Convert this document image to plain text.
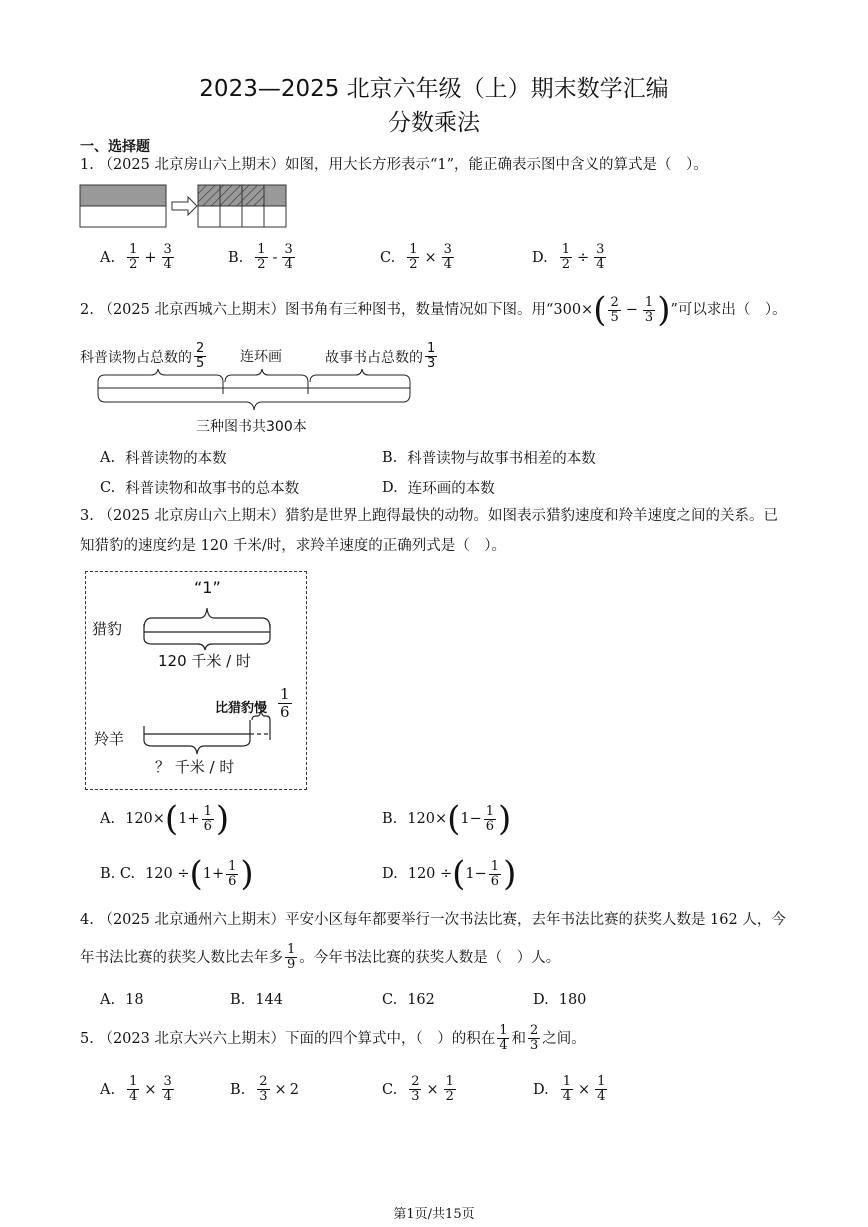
2023—2025 北京六年级（上）期末数学汇编
分数乘法
一、选择题
1. （2025 北京房山六上期末）如图，用大长方形表示“1”，能正确表示图中含义的算式是（　）。
A. $\frac{1}{2} + \frac{3}{4}$	B. $\frac{1}{2} - \frac{3}{4}$	C. $\frac{1}{2} \times \frac{3}{4}$	D. $\frac{1}{2} \div \frac{3}{4}$
2. （2025 北京西城六上期末）图书角有三种图书，数量情况如下图。用“300× ( $\frac{2}{5} - \frac{1}{3}$ ) ”可以求出（　）。
科普读物占总数的 $\frac{2}{5}$ 连环画	故事书占总数的 $\frac{1}{3}$
三种图书共300本
A. 科普读物的本数	B. 科普读物与故事书相差的本数
C. 科普读物和故事书的总本数	D. 连环画的本数
3. （2025 北京房山六上期末）猎豹是世界上跑得最快的动物。如图表示猎豹速度和羚羊速度之间的关系。已
知猎豹的速度约是 120 千米/时，求羚羊速度的正确列式是（　）。
“1”
猎豹
120 千米 / 时
比猎豹慢 $\frac{1}{6}$
羚羊
？ 千米 / 时
A. 120× ( $1+ \frac{1}{6}$ )	B. 120× ( $1- \frac{1}{6}$ )
B. C. 120 ÷ ( $1+ \frac{1}{6}$ )	D. 120 ÷ ( $1- \frac{1}{6}$ )
4. （2025 北京通州六上期末）平安小区每年都要举行一次书法比赛，去年书法比赛的获奖人数是 162 人，今
年书法比赛的获奖人数比去年多 $\frac{1}{9}$ 。今年书法比赛的获奖人数是（　）人。
A. 18	B. 144	C. 162	D. 180
5. （2023 北京大兴六上期末）下面的四个算式中，（　）的积在 $\frac{1}{4}$ 和 $\frac{2}{3}$ 之间。
A. $\frac{1}{4} \times \frac{3}{4}$	B. $\frac{2}{3} \times 2$	C. $\frac{2}{3} \times \frac{1}{2}$	D. $\frac{1}{4} \times \frac{1}{4}$
第1页/共15页
